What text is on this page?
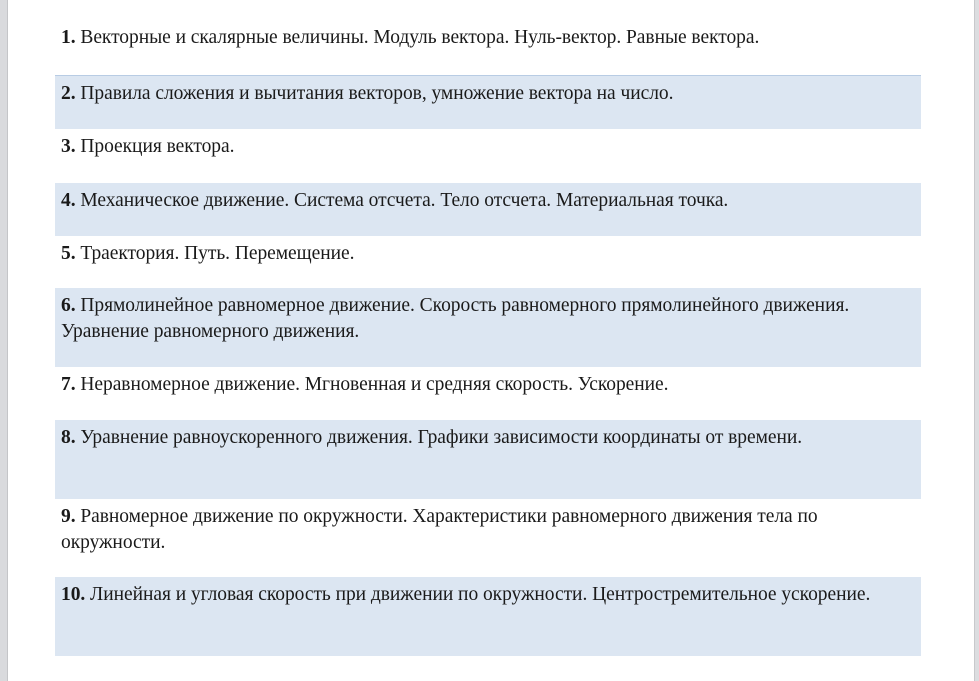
1. Векторные и скалярные величины. Модуль вектора. Нуль-вектор. Равные вектора.
2. Правила сложения и вычитания векторов, умножение вектора на число.
3. Проекция вектора.
4. Механическое движение. Система отсчета. Тело отсчета. Материальная точка.
5. Траектория. Путь. Перемещение.
6. Прямолинейное равномерное движение. Скорость равномерного прямолинейного движения. Уравнение равномерного движения.
7. Неравномерное движение. Мгновенная и средняя скорость. Ускорение.
8. Уравнение равноускоренного движения. Графики зависимости координаты от времени.
9. Равномерное движение по окружности. Характеристики равномерного движения тела по окружности.
10. Линейная и угловая скорость при движении по окружности. Центростремительное ускорение.
